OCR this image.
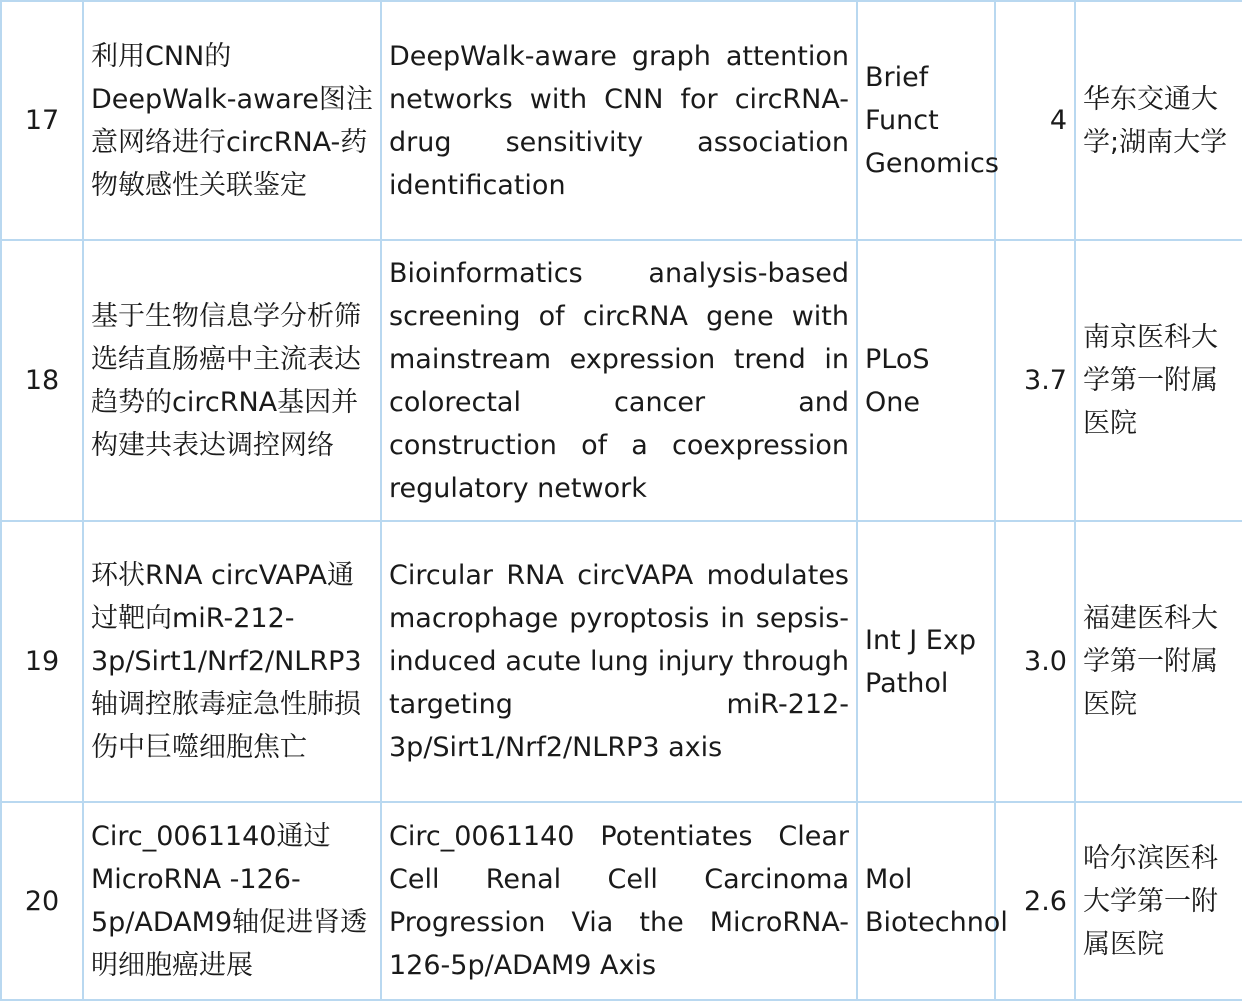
17	利用CNN的DeepWalk-aware图注意网络进行circRNA-药物敏感性关联鉴定	DeepWalk-aware graph attention networks with CNN for circRNA-drug sensitivity association identification	Brief Funct Genomics	4	华东交通大学;湖南大学
18	基于生物信息学分析筛选结直肠癌中主流表达趋势的circRNA基因并构建共表达调控网络	Bioinformatics analysis-based screening of circRNA gene with mainstream expression trend in colorectal cancer and construction of a coexpression regulatory network	PLoS One	3.7	南京医科大学第一附属医院
19	环状RNA circVAPA通过靶向miR-212-3p/Sirt1/Nrf2/NLRP3轴调控脓毒症急性肺损伤中巨噬细胞焦亡	Circular RNA circVAPA modulates macrophage pyroptosis in sepsis-induced acute lung injury through targeting miR-212-3p/Sirt1/Nrf2/NLRP3 axis	Int J Exp Pathol	3.0	福建医科大学第一附属医院
20	Circ_0061140通过MicroRNA -126-5p/ADAM9轴促进肾透明细胞癌进展	Circ_0061140 Potentiates Clear Cell Renal Cell Carcinoma Progression Via the MicroRNA-126-5p/ADAM9 Axis	Mol Biotechnol	2.6	哈尔滨医科大学第一附属医院
